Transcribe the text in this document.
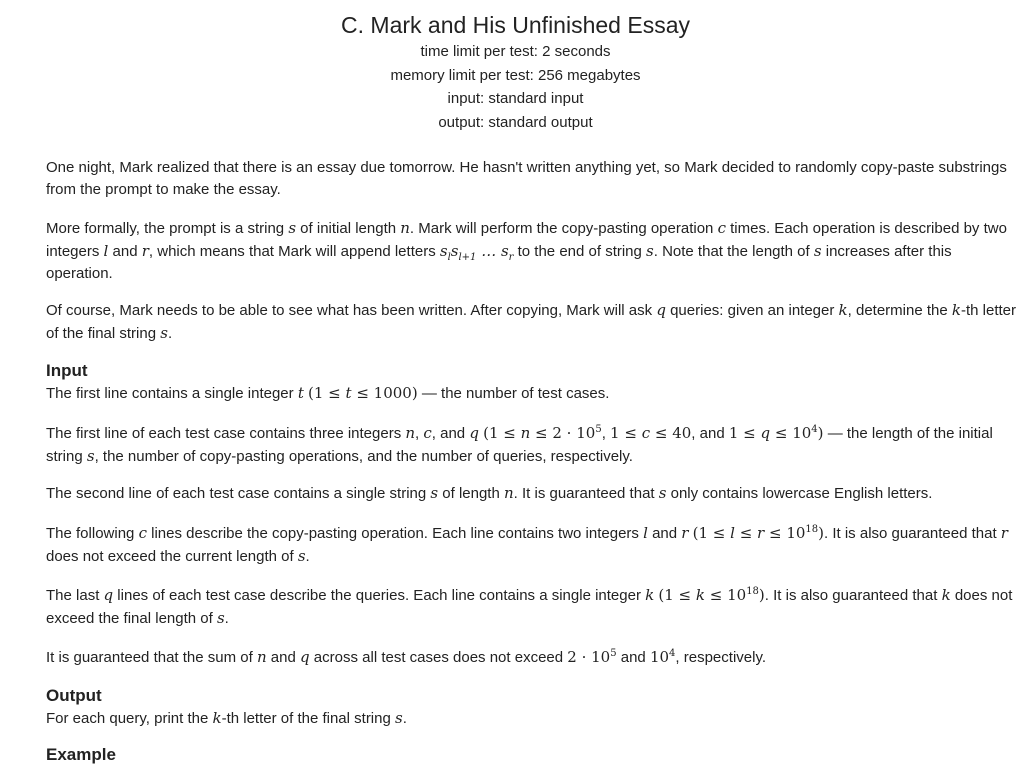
C. Mark and His Unfinished Essay
time limit per test: 2 seconds
memory limit per test: 256 megabytes
input: standard input
output: standard output

One night, Mark realized that there is an essay due tomorrow. He hasn't written anything yet, so Mark decided to randomly copy-paste substrings from the prompt to make the essay.

More formally, the prompt is a string s of initial length n. Mark will perform the copy-pasting operation c times. Each operation is described by two integers l and r, which means that Mark will append letters $s_ls_{l+1}$ … $s_r$ to the end of string s. Note that the length of s increases after this operation.

Of course, Mark needs to be able to see what has been written. After copying, Mark will ask q queries: given an integer k, determine the k-th letter of the final string s.

Input

The first line contains a single integer t (1 ≤ t ≤ 1000) — the number of test cases.

The first line of each test case contains three integers n, c, and q ($1 \le n \le 2 \cdot 10^5$, 1 ≤ c ≤ 40, and $1 \le q \le 10^4$) — the length of the initial string s, the number of copy-pasting operations, and the number of queries, respectively.

The second line of each test case contains a single string s of length n. It is guaranteed that s only contains lowercase English letters.

The following c lines describe the copy-pasting operation. Each line contains two integers l and r $(1 \le l \le r \le 10^{18})$. It is also guaranteed that r does not exceed the current length of s.

The last q lines of each test case describe the queries. Each line contains a single integer k $(1 \le k \le 10^{18})$. It is also guaranteed that k does not exceed the final length of s.

It is guaranteed that the sum of n and q across all test cases does not exceed $2 \cdot 10^5$ and $10^4$, respectively.

Output

For each query, print the k-th letter of the final string s.

Example
